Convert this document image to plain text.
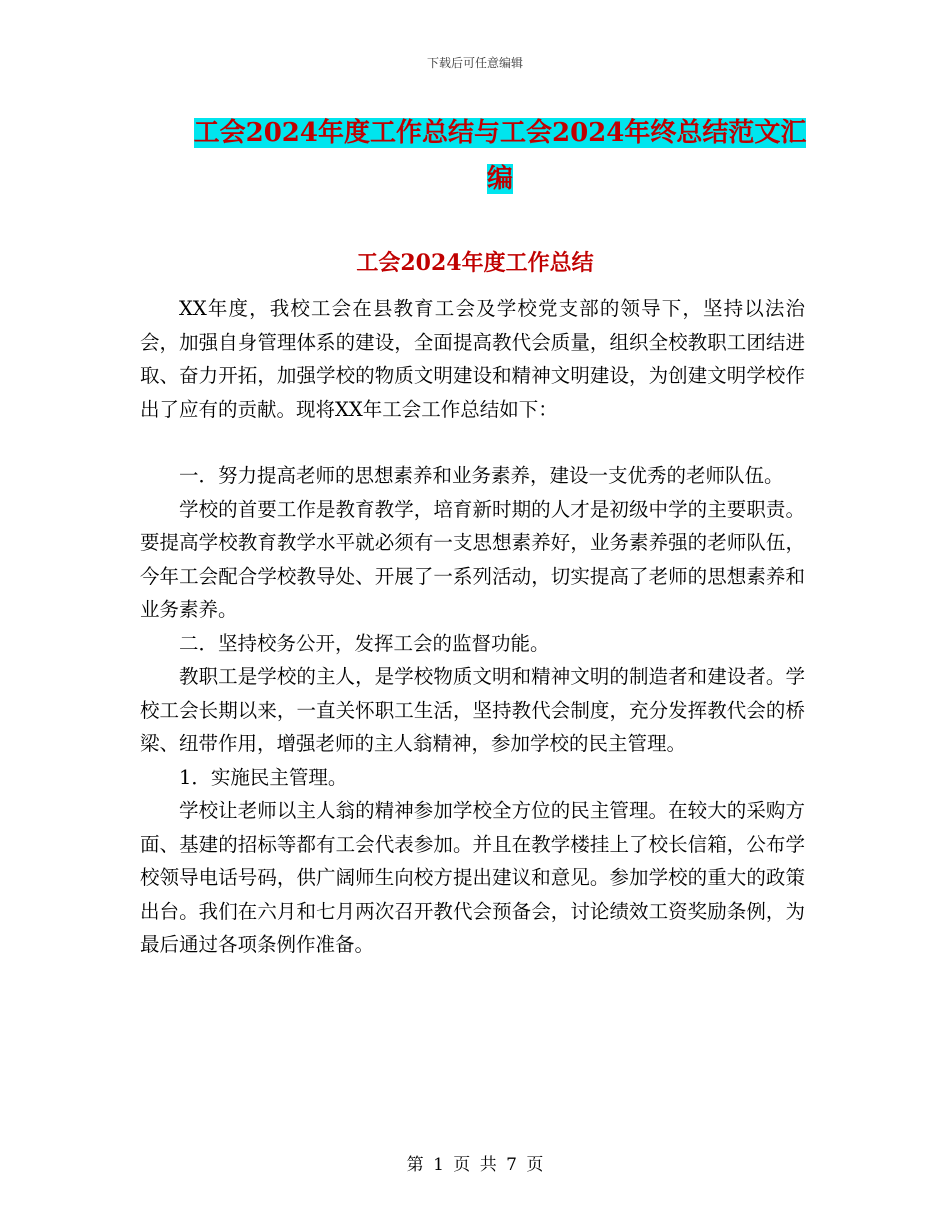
下载后可任意编辑
工会2024年度工作总结与工会2024年终总结范文汇编
工会2024年度工作总结

XX年度，我校工会在县教育工会及学校党支部的领导下，坚持以法治会，加强自身管理体系的建设，全面提高教代会质量，组织全校教职工团结进取、奋力开拓，加强学校的物质文明建设和精神文明建设，为创建文明学校作出了应有的贡献。现将XX年工会工作总结如下：

一．努力提高老师的思想素养和业务素养，建设一支优秀的老师队伍。

学校的首要工作是教育教学，培育新时期的人才是初级中学的主要职责。要提高学校教育教学水平就必须有一支思想素养好，业务素养强的老师队伍，今年工会配合学校教导处、开展了一系列活动，切实提高了老师的思想素养和业务素养。

二．坚持校务公开，发挥工会的监督功能。

教职工是学校的主人，是学校物质文明和精神文明的制造者和建设者。学校工会长期以来，一直关怀职工生活，坚持教代会制度，充分发挥教代会的桥梁、纽带作用，增强老师的主人翁精神，参加学校的民主管理。

1．实施民主管理。

学校让老师以主人翁的精神参加学校全方位的民主管理。在较大的采购方面、基建的招标等都有工会代表参加。并且在教学楼挂上了校长信箱，公布学校领导电话号码，供广阔师生向校方提出建议和意见。参加学校的重大的政策出台。我们在六月和七月两次召开教代会预备会，讨论绩效工资奖励条例，为最后通过各项条例作准备。

第 1 页 共 7 页
